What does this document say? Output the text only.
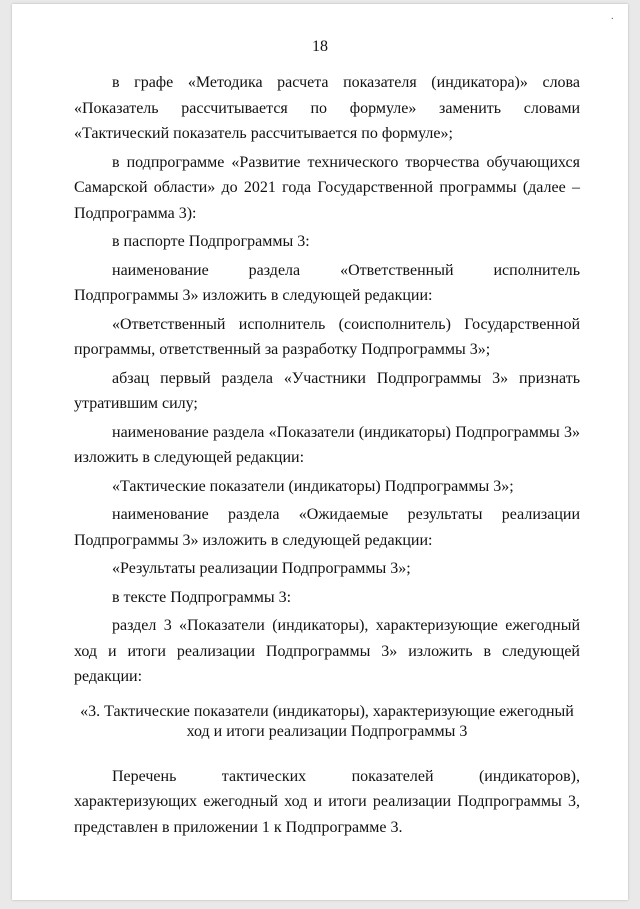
·
18

в графе «Методика расчета показателя (индикатора)» слова «Показатель рассчитывается по формуле» заменить словами «Тактический показатель рассчитывается по формуле»;

в подпрограмме «Развитие технического творчества обучающихся Самарской области» до 2021 года Государственной программы (далее – Подпрограмма 3):

в паспорте Подпрограммы 3:

наименование раздела «Ответственный исполнитель Подпрограммы 3» изложить в следующей редакции:

«Ответственный исполнитель (соисполнитель) Государственной программы, ответственный за разработку Подпрограммы 3»;

абзац первый раздела «Участники Подпрограммы 3» признать утратившим силу;

наименование раздела «Показатели (индикаторы) Подпрограммы 3» изложить в следующей редакции:

«Тактические показатели (индикаторы) Подпрограммы 3»;

наименование раздела «Ожидаемые результаты реализации Подпрограммы 3» изложить в следующей редакции:

«Результаты реализации Подпрограммы 3»;

в тексте Подпрограммы 3:

раздел 3 «Показатели (индикаторы), характеризующие ежегодный ход и итоги реализации Подпрограммы 3» изложить в следующей редакции:

«3. Тактические показатели (индикаторы), характеризующие ежегодный
ход и итоги реализации Подпрограммы 3

Перечень тактических показателей (индикаторов), характеризующих ежегодный ход и итоги реализации Подпрограммы 3, представлен в приложении 1 к Подпрограмме 3.
